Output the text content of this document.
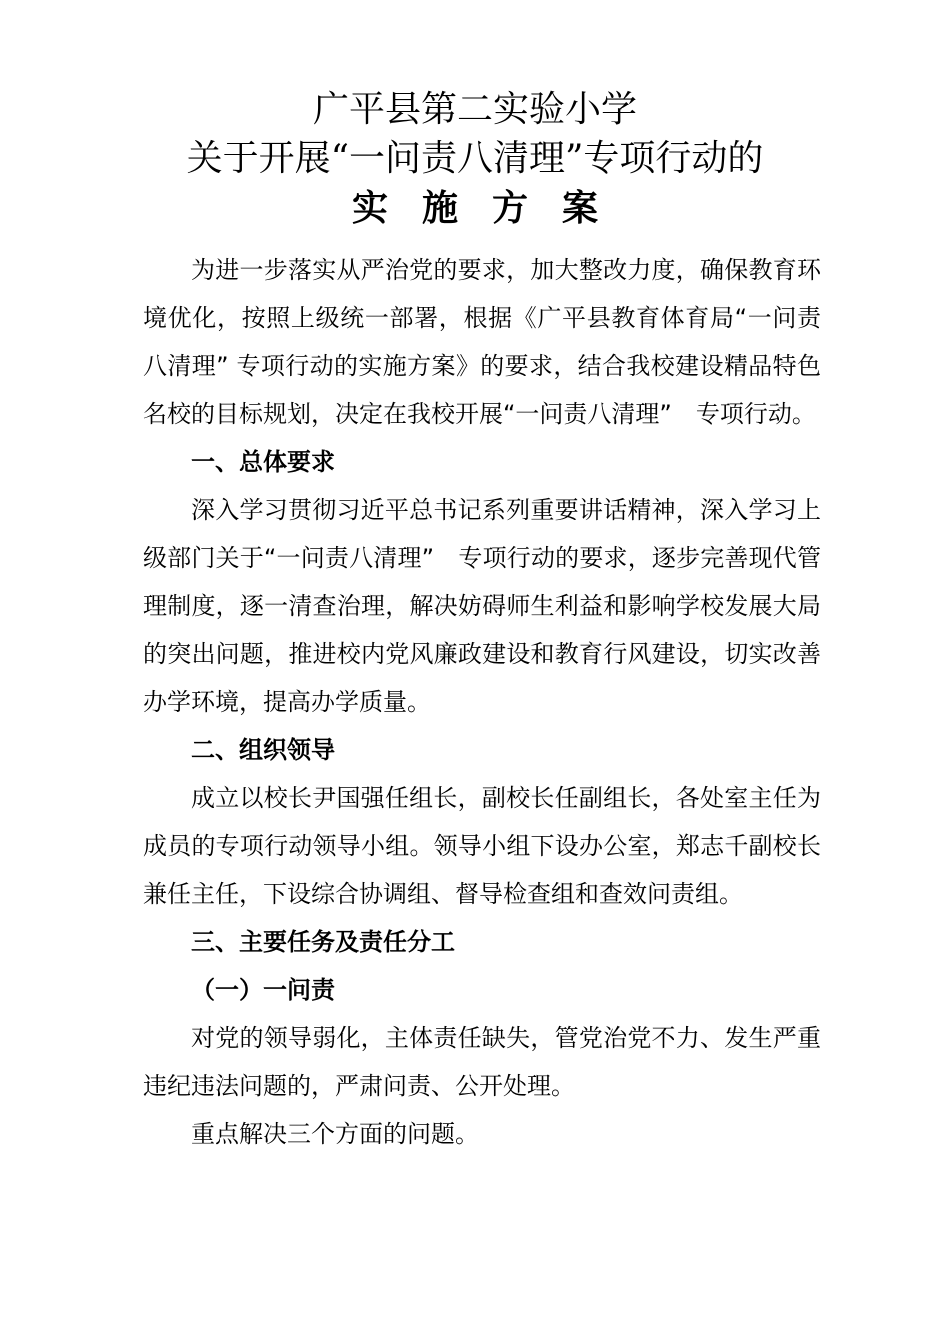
广平县第二实验小学
关于开展“一问责八清理”专项行动的
实施方案

为进一步落实从严治党的要求，加大整改力度，确保教育环境优化，按照上级统一部署，根据《广平县教育体育局“一问责八清理” 专项行动的实施方案》的要求，结合我校建设精品特色名校的目标规划，决定在我校开展“一问责八清理”　专项行动。

一、总体要求

深入学习贯彻习近平总书记系列重要讲话精神，深入学习上级部门关于“一问责八清理”　专项行动的要求，逐步完善现代管理制度，逐一清查治理，解决妨碍师生利益和影响学校发展大局的突出问题，推进校内党风廉政建设和教育行风建设，切实改善办学环境，提高办学质量。

二、组织领导

成立以校长尹国强任组长，副校长任副组长，各处室主任为成员的专项行动领导小组。领导小组下设办公室，郑志千副校长兼任主任，下设综合协调组、督导检查组和查效问责组。

三、主要任务及责任分工

（一）一问责

对党的领导弱化，主体责任缺失，管党治党不力、发生严重违纪违法问题的，严肃问责、公开处理。

重点解决三个方面的问题。
